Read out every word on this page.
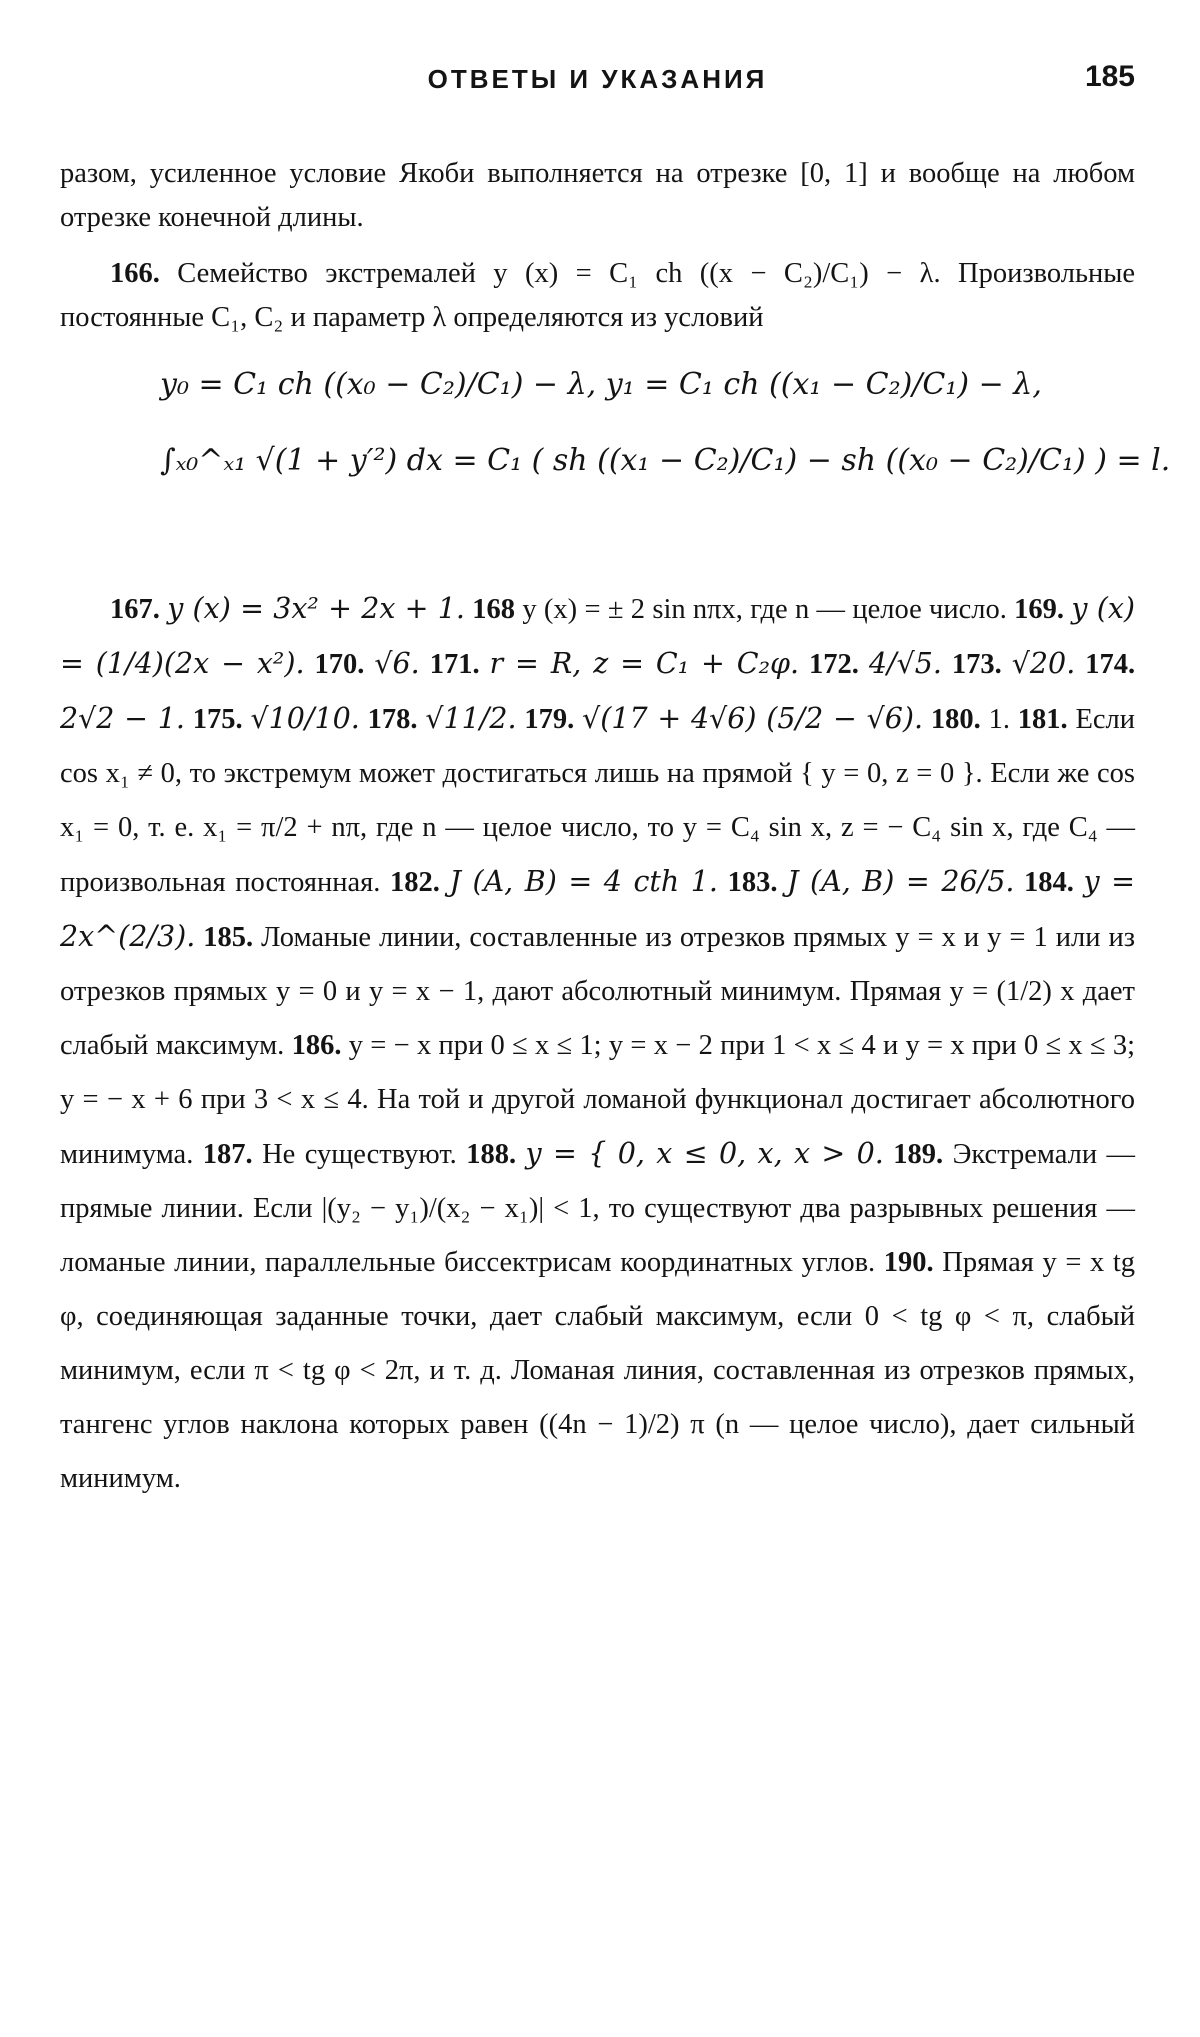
ОТВЕТЫ И УКАЗАНИЯ	185

разом, усиленное условие Якоби выполняется на отрезке [0, 1] и вообще на любом отрезке конечной длины.

166. Семейство экстремалей y (x) = C₁ ch ((x − C₂)/C₁) − λ. Произвольные постоянные C₁, C₂ и параметр λ определяются из условий

y₀ = C₁ ch ((x₀ − C₂)/C₁) − λ, y₁ = C₁ ch ((x₁ − C₂)/C₁) − λ,
∫ₓ₀^ₓ₁ √(1 + y′²) dx = C₁ ( sh ((x₁ − C₂)/C₁) − sh ((x₀ − C₂)/C₁) ) = l.

167. y (x) = 3x² + 2x + 1. 168 y (x) = ± 2 sin nπx, где n — целое число. 169. y (x) = (1/4)(2x − x²). 170. √6. 171. r = R, z = C₁ + C₂φ. 172. 4/√5. 173. √20. 174. 2√2 − 1. 175. √10/10. 178. √11/2. 179. √(17 + 4√6) (5/2 − √6). 180. 1. 181. Если cos x₁ ≠ 0, то экстремум может достигаться лишь на прямой { y = 0, z = 0 }. Если же cos x₁ = 0, т. е. x₁ = π/2 + nπ, где n — целое число, то y = C₄ sin x, z = − C₄ sin x, где C₄ — произвольная постоянная. 182. J (A, B) = 4 cth 1. 183. J (A, B) = 26/5. 184. y = 2x^(2/3). 185. Ломаные линии, составленные из отрезков прямых y = x и y = 1 или из отрезков прямых y = 0 и y = x − 1, дают абсолютный минимум. Прямая y = (1/2) x дает слабый максимум. 186. y = − x при 0 ≤ x ≤ 1; y = x − 2 при 1 < x ≤ 4 и y = x при 0 ≤ x ≤ 3; y = − x + 6 при 3 < x ≤ 4. На той и другой ломаной функционал достигает абсолютного минимума. 187. Не существуют. 188. y = { 0, x ≤ 0, x, x > 0. 189. Экстремали — прямые линии. Если |(y₂ − y₁)/(x₂ − x₁)| < 1, то существуют два разрывных решения — ломаные линии, параллельные биссектрисам координатных углов. 190. Прямая y = x tg φ, соединяющая заданные точки, дает слабый максимум, если 0 < tg φ < π, слабый минимум, если π < tg φ < 2π, и т. д. Ломаная линия, составленная из отрезков прямых, тангенс углов наклона которых равен ((4n − 1)/2) π (n — целое число), дает сильный минимум.
